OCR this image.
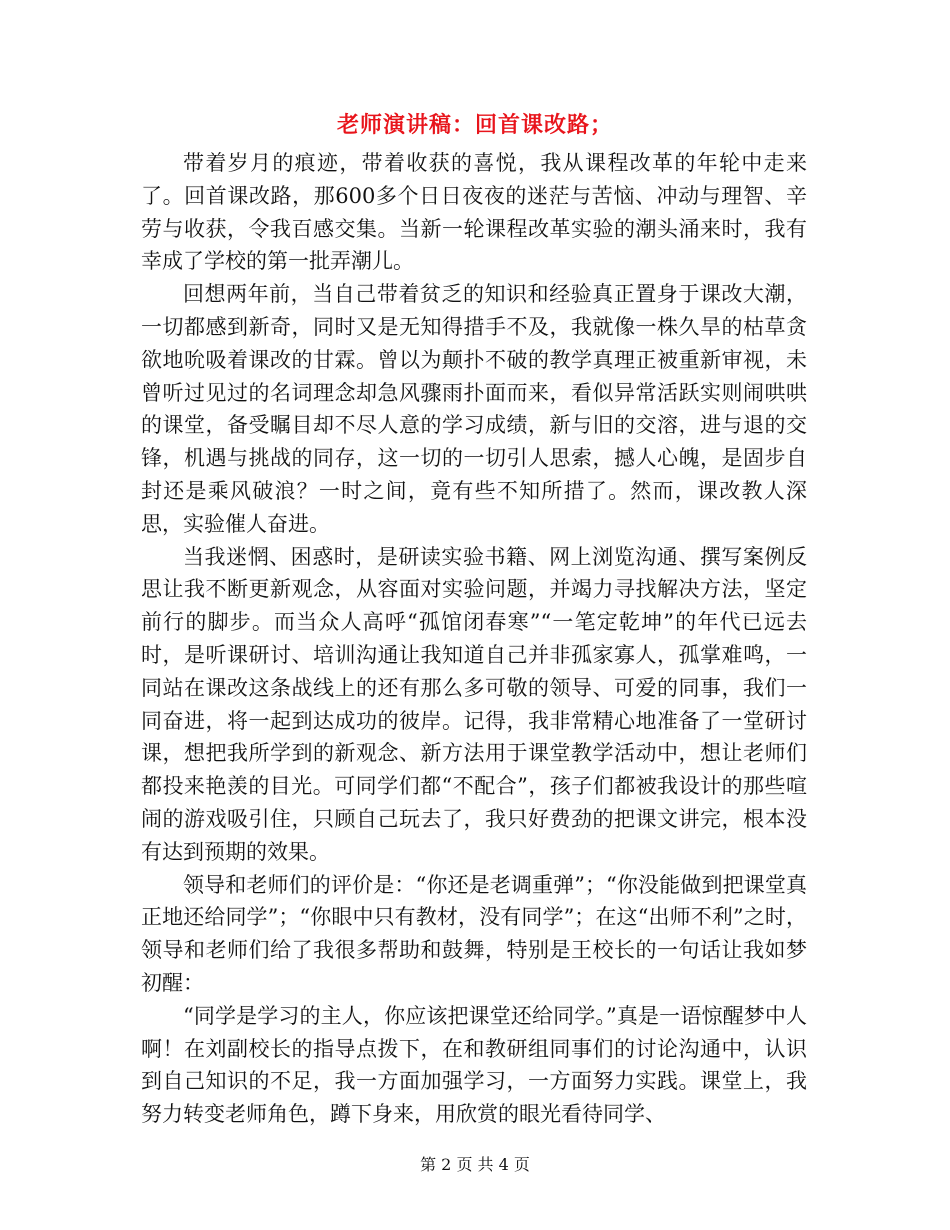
老师演讲稿：回首课改路；

带着岁月的痕迹，带着收获的喜悦，我从课程改革的年轮中走来了。回首课改路，那600多个日日夜夜的迷茫与苦恼、冲动与理智、辛劳与收获，令我百感交集。当新一轮课程改革实验的潮头涌来时，我有幸成了学校的第一批弄潮儿。

回想两年前，当自己带着贫乏的知识和经验真正置身于课改大潮，一切都感到新奇，同时又是无知得措手不及，我就像一株久旱的枯草贪欲地吮吸着课改的甘霖。曾以为颠扑不破的教学真理正被重新审视，未曾听过见过的名词理念却急风骤雨扑面而来，看似异常活跃实则闹哄哄的课堂，备受瞩目却不尽人意的学习成绩，新与旧的交溶，进与退的交锋，机遇与挑战的同存，这一切的一切引人思索，撼人心魄，是固步自封还是乘风破浪？一时之间，竟有些不知所措了。然而，课改教人深思，实验催人奋进。

当我迷惘、困惑时，是研读实验书籍、网上浏览沟通、撰写案例反思让我不断更新观念，从容面对实验问题，并竭力寻找解决方法，坚定前行的脚步。而当众人高呼“孤馆闭春寒”“一笔定乾坤”的年代已远去时，是听课研讨、培训沟通让我知道自己并非孤家寡人，孤掌难鸣，一同站在课改这条战线上的还有那么多可敬的领导、可爱的同事，我们一同奋进，将一起到达成功的彼岸。记得，我非常精心地准备了一堂研讨课，想把我所学到的新观念、新方法用于课堂教学活动中，想让老师们都投来艳羡的目光。可同学们都“不配合”，孩子们都被我设计的那些喧闹的游戏吸引住，只顾自己玩去了，我只好费劲的把课文讲完，根本没有达到预期的效果。

领导和老师们的评价是：“你还是老调重弹”；“你没能做到把课堂真正地还给同学”；“你眼中只有教材，没有同学”；在这“出师不利”之时，领导和老师们给了我很多帮助和鼓舞，特别是王校长的一句话让我如梦初醒：

“同学是学习的主人，你应该把课堂还给同学。”真是一语惊醒梦中人啊！在刘副校长的指导点拨下，在和教研组同事们的讨论沟通中，认识到自己知识的不足，我一方面加强学习，一方面努力实践。课堂上，我努力转变老师角色，蹲下身来，用欣赏的眼光看待同学、

第 2 页 共 4 页
